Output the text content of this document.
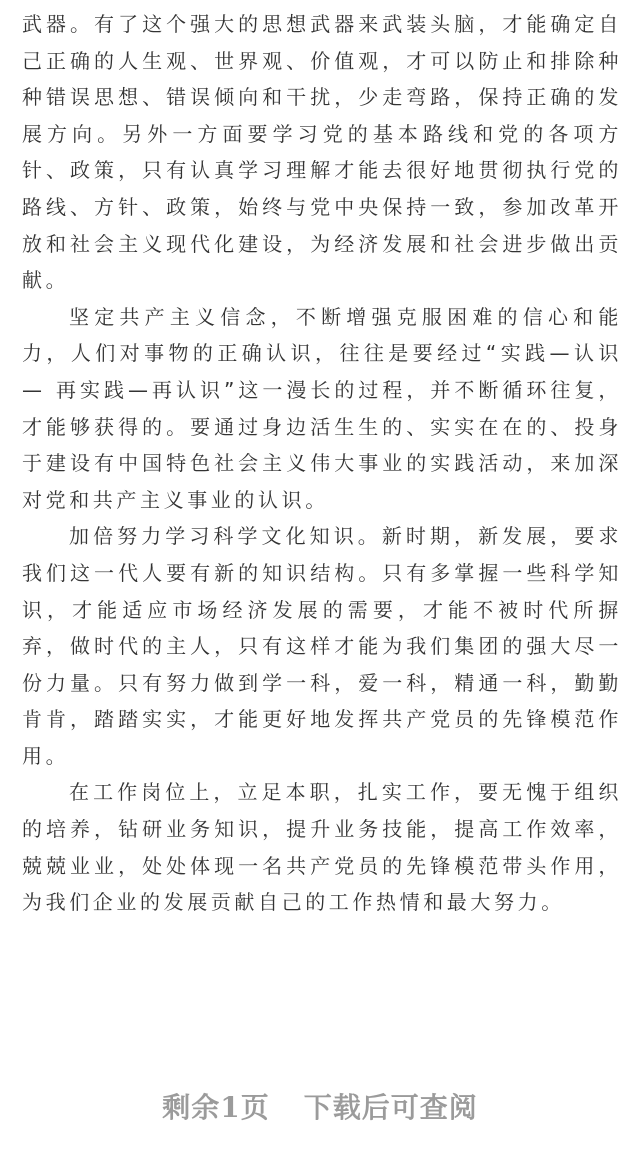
武器。有了这个强大的思想武器来武装头脑，才能确定自己正确的人生观、世界观、价值观，才可以防止和排除种种错误思想、错误倾向和干扰，少走弯路，保持正确的发展方向。另外一方面要学习党的基本路线和党的各项方针、政策，只有认真学习理解才能去很好地贯彻执行党的路线、方针、政策，始终与党中央保持一致，参加改革开放和社会主义现代化建设，为经济发展和社会进步做出贡献。

坚定共产主义信念，不断增强克服困难的信心和能力，人们对事物的正确认识，往往是要经过“实践—认识— 再实践—再认识”这一漫长的过程，并不断循环往复，才能够获得的。要通过身边活生生的、实实在在的、投身于建设有中国特色社会主义伟大事业的实践活动，来加深对党和共产主义事业的认识。

加倍努力学习科学文化知识。新时期，新发展，要求我们这一代人要有新的知识结构。只有多掌握一些科学知识，才能适应市场经济发展的需要，才能不被时代所摒弃，做时代的主人，只有这样才能为我们集团的强大尽一份力量。只有努力做到学一科，爱一科，精通一科，勤勤肯肯，踏踏实实，才能更好地发挥共产党员的先锋模范作用。

在工作岗位上，立足本职，扎实工作，要无愧于组织的培养，钻研业务知识，提升业务技能，提高工作效率，兢兢业业，处处体现一名共产党员的先锋模范带头作用，为我们企业的发展贡献自己的工作热情和最大努力。

剩余1页 下载后可查阅
